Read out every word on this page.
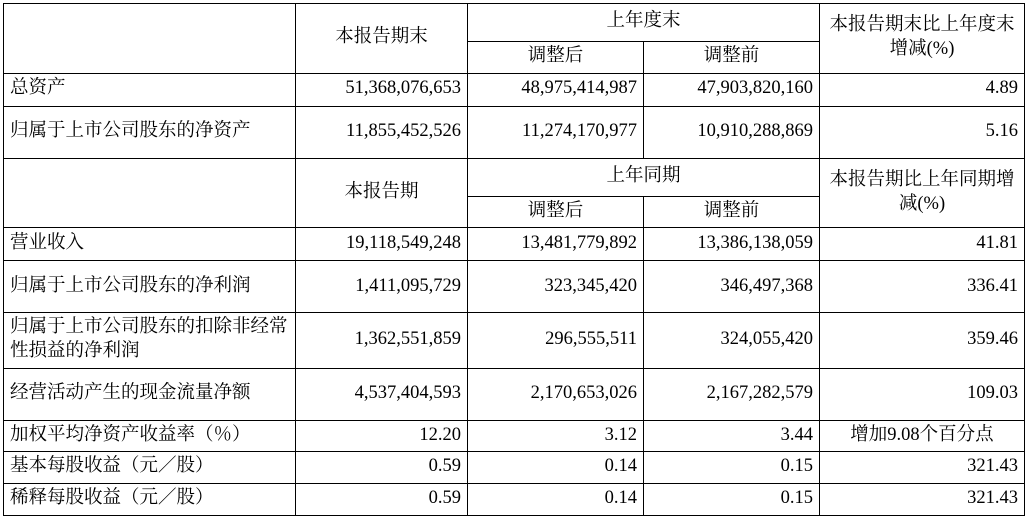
	本报告期末	上年度末		本报告期末比上年度末增减(%)
		调整后	调整前	
总资产	51,368,076,653	48,975,414,987	47,903,820,160	4.89
归属于上市公司股东的净资产	11,855,452,526	11,274,170,977	10,910,288,869	5.16
	本报告期	上年同期		本报告期比上年同期增减(%)
		调整后	调整前	
营业收入	19,118,549,248	13,481,779,892	13,386,138,059	41.81
归属于上市公司股东的净利润	1,411,095,729	323,345,420	346,497,368	336.41
归属于上市公司股东的扣除非经常性损益的净利润	1,362,551,859	296,555,511	324,055,420	359.46
经营活动产生的现金流量净额	4,537,404,593	2,170,653,026	2,167,282,579	109.03
加权平均净资产收益率（％）	12.20	3.12	3.44	增加9.08个百分点
基本每股收益（元／股）	0.59	0.14	0.15	321.43
稀释每股收益（元／股）	0.59	0.14	0.15	321.43
